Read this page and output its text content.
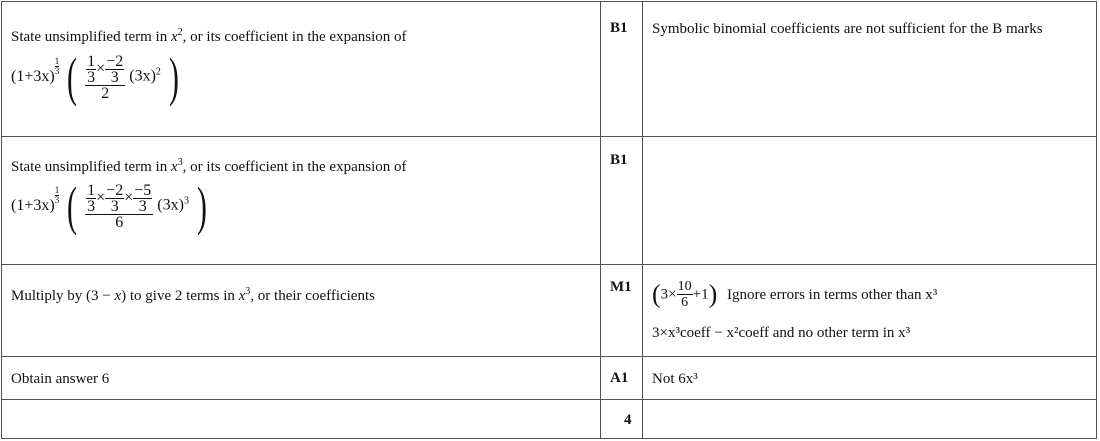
State unsimplified term in $x^2$, or its coefficient in the expansion of
(1+3x)
$\frac{1}{3}$ ( $\frac{\frac{1}{3} \times \frac{-2}{3}}{2} (3x)^2$ )
B1 Symbolic binomial coefficients are not sufficient for the B marks
State unsimplified term in $x^3$, or its coefficient in the expansion of
(1+3x)
$\frac{1}{3}$ ( $\frac{\frac{1}{3} \times \frac{-2}{3} \times \frac{-5}{3}}{6} (3x)^3$ )
B1
Multiply by (3 − x) to give 2 terms in $x^3$, or their coefficients
M1 $(3\times \frac{10}{6} +1)$ Ignore errors in terms other than x³
3×x³coeff − x²coeff and no other term in x³
Obtain answer 6	A1 Not 6x³
4
